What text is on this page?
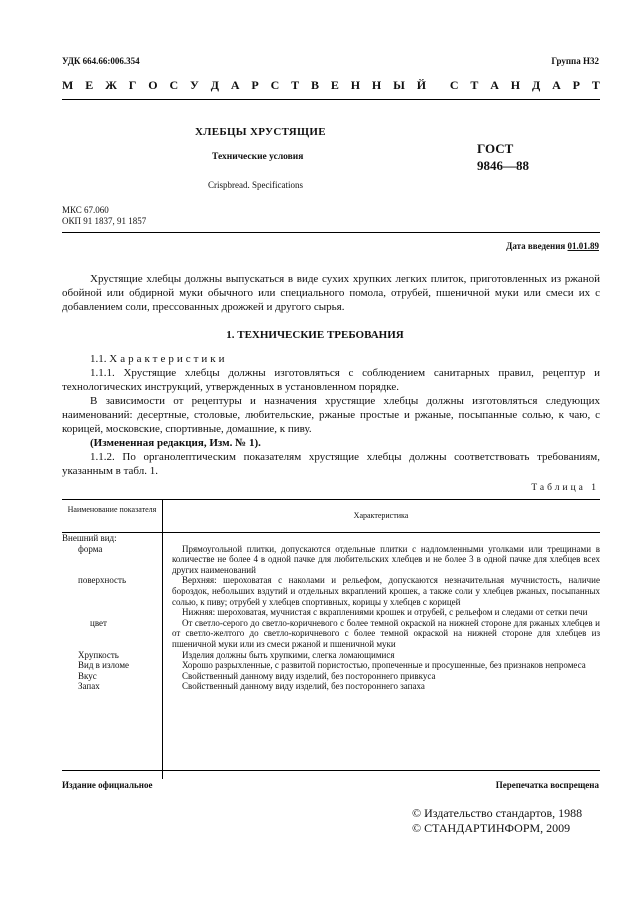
УДК 664.66:006.354	Группа Н32
М Е Ж Г О С У Д А Р С Т В Е Н Н Ы Й С Т А Н Д А Р Т
ХЛЕБЦЫ ХРУСТЯЩИЕ
Технические условия
Crispbread. Specifications
ГОСТ
9846—88
МКС 67.060
ОКП 91 1837, 91 1857
Дата введения 01.01.89
Хрустящие хлебцы должны выпускаться в виде сухих хрупких легких плиток, приготовленных из ржаной обойной или обдирной муки обычного или специального помола, отрубей, пшеничной муки или смеси их с добавлением соли, прессованных дрожжей и другого сырья.
1. ТЕХНИЧЕСКИЕ ТРЕБОВАНИЯ
1.1. Характеристики
1.1.1. Хрустящие хлебцы должны изготовляться с соблюдением санитарных правил, рецептур и технологических инструкций, утвержденных в установленном порядке.
В зависимости от рецептуры и назначения хрустящие хлебцы должны изготовляться следующих наименований: десертные, столовые, любительские, ржаные простые и ржаные, посыпанные солью, к чаю, с корицей, московские, спортивные, домашние, к пиву.
(Измененная редакция, Изм. № 1).
1.1.2. По органолептическим показателям хрустящие хлебцы должны соответствовать требованиям, указанным в табл. 1.
Таблица 1
Наименование показателя
Характеристика
Внешний вид:
форма	Прямоугольной плитки, допускаются отдельные плитки с надломленными уголками или трещинами в количестве не более 4 в одной пачке для любительских хлебцев и не более 3 в одной пачке для хлебцев всех других наименований
поверхность	Верхняя: шероховатая с наколами и рельефом, допускаются незначительная мучнистость, наличие бороздок, небольших вздутий и отдельных вкраплений крошек, а также соли у хлебцев ржаных, посыпанных солью, к пиву; отрубей у хлебцев спортивных, корицы у хлебцев с корицей
Нижняя: шероховатая, мучнистая с вкраплениями крошек и отрубей, с рельефом и следами от сетки печи
цвет	От светло-серого до светло-коричневого с более темной окраской на нижней стороне для ржаных хлебцев и от светло-желтого до светло-коричневого с более темной окраской на нижней стороне для хлебцев из пшеничной муки или из смеси ржаной и пшеничной муки
Хрупкость	Изделия должны быть хрупкими, слегка ломающимися
Вид в изломе	Хорошо разрыхленные, с развитой пористостью, пропеченные и просушенные, без признаков непромеса
Вкус	Свойственный данному виду изделий, без постороннего привкуса
Запах	Свойственный данному виду изделий, без постороннего запаха
Издание официальное	Перепечатка воспрещена
© Издательство стандартов, 1988
© СТАНДАРТИНФОРМ, 2009
